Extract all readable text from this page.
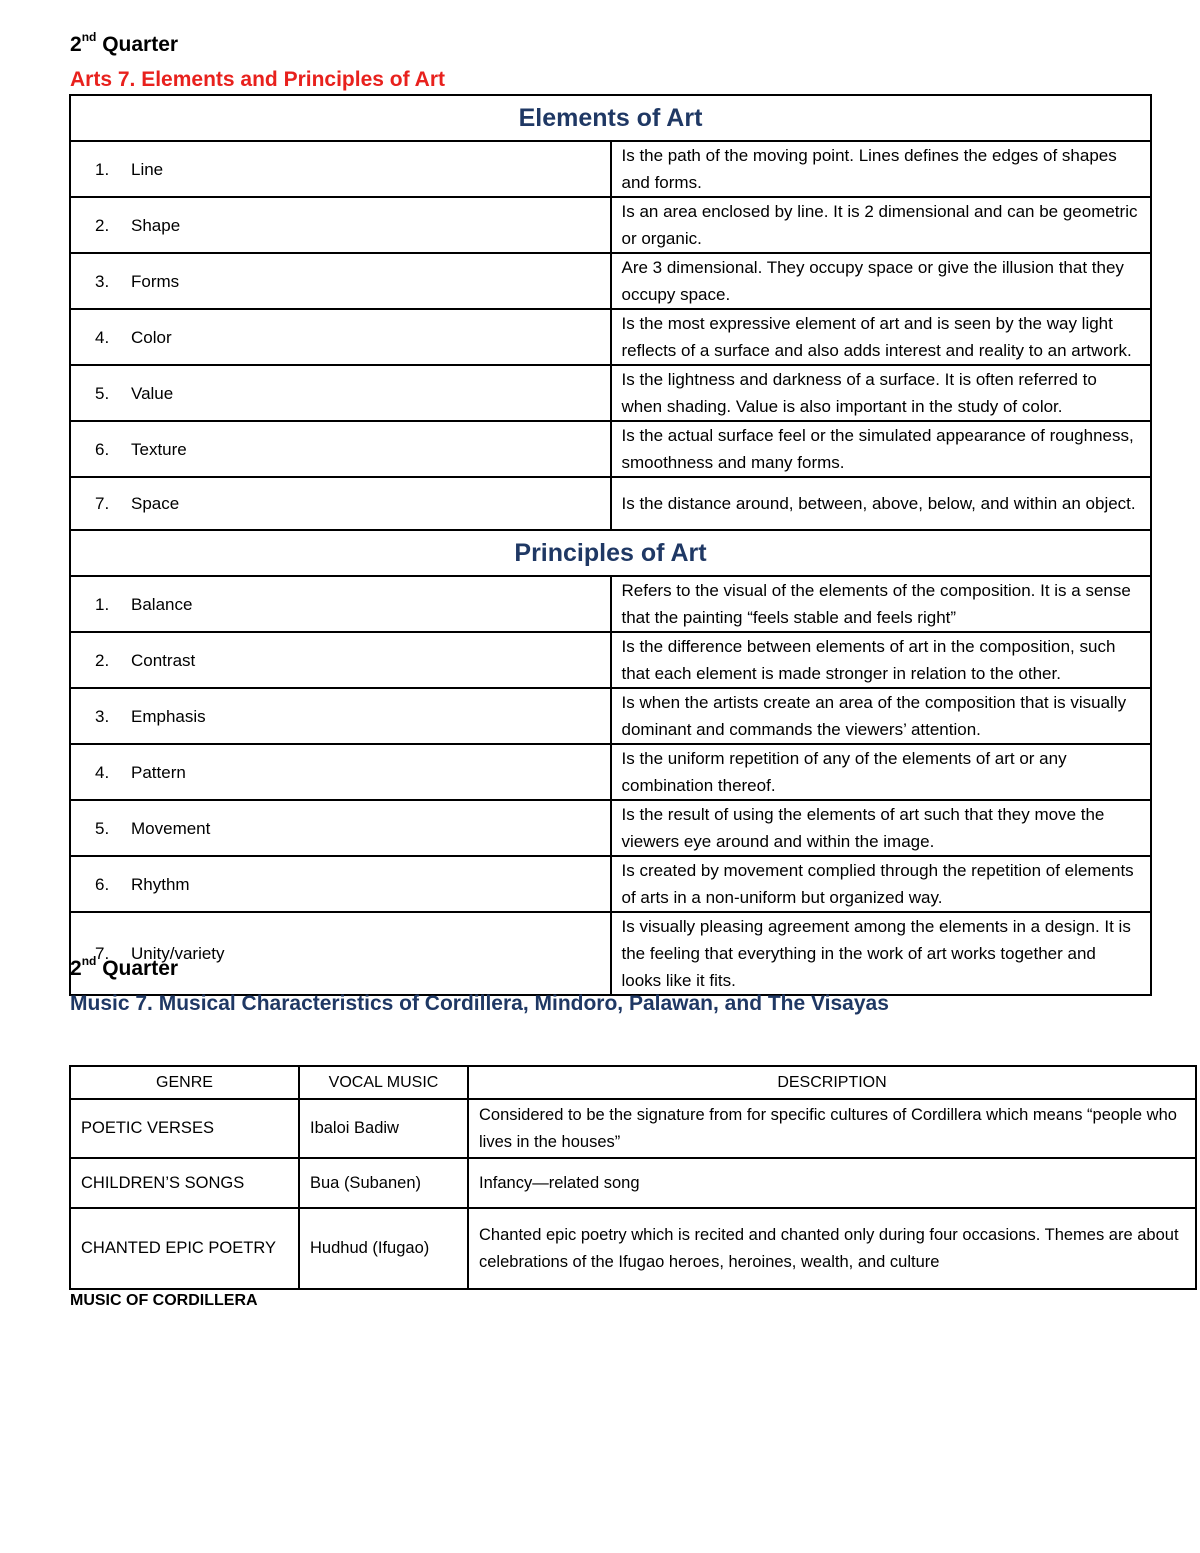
2nd Quarter
Arts 7. Elements and Principles of Art
Elements of Art	
1. Line	Is the path of the moving point. Lines defines the edges of shapes and forms.
2. Shape	Is an area enclosed by line. It is 2 dimensional and can be geometric or organic.
3. Forms	Are 3 dimensional. They occupy space or give the illusion that they occupy space.
4. Color	Is the most expressive element of art and is seen by the way light reflects of a surface and also adds interest and reality to an artwork.
5. Value	Is the lightness and darkness of a surface. It is often referred to when shading. Value is also important in the study of color.
6. Texture	Is the actual surface feel or the simulated appearance of roughness, smoothness and many forms.
7. Space	Is the distance around, between, above, below, and within an object.
Principles of Art	
1. Balance	Refers to the visual of the elements of the composition. It is a sense that the painting “feels stable and feels right”
2. Contrast	Is the difference between elements of art in the composition, such that each element is made stronger in relation to the other.
3. Emphasis	Is when the artists create an area of the composition that is visually dominant and commands the viewers’ attention.
4. Pattern	Is the uniform repetition of any of the elements of art or any combination thereof.
5. Movement	Is the result of using the elements of art such that they move the viewers eye around and within the image.
6. Rhythm	Is created by movement complied through the repetition of elements of arts in a non-uniform but organized way.
7. Unity/variety	Is visually pleasing agreement among the elements in a design. It is the feeling that everything in the work of art works together and looks like it fits.
2nd Quarter
Music 7. Musical Characteristics of Cordillera, Mindoro, Palawan, and The Visayas
GENRE	VOCAL MUSIC	DESCRIPTION
POETIC VERSES	Ibaloi Badiw	Considered to be the signature from for specific cultures of Cordillera which means “people who lives in the houses”
CHILDREN’S SONGS	Bua (Subanen)	Infancy—related song
CHANTED EPIC POETRY	Hudhud (Ifugao)	Chanted epic poetry which is recited and chanted only during four occasions. Themes are about celebrations of the Ifugao heroes, heroines, wealth, and culture
MUSIC OF CORDILLERA
